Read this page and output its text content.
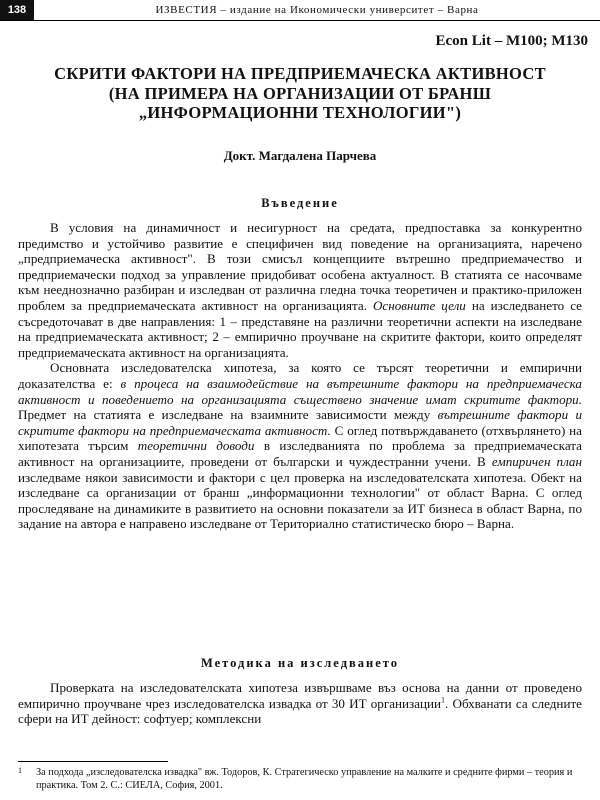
138	ИЗВЕСТИЯ – издание на Икономически университет – Варна
Econ Lit – M100; M130
СКРИТИ ФАКТОРИ НА ПРЕДПРИЕМАЧЕСКА АКТИВНОСТ
(НА ПРИМЕРА НА ОРГАНИЗАЦИИ ОТ БРАНШ
„ИНФОРМАЦИОННИ ТЕХНОЛОГИИ")
Докт. Магдалена Парчева
Въведение

В условия на динамичност и несигурност на средата, предпоставка за конкурентно предимство и устойчиво развитие е специфичен вид поведение на организацията, наречено „предприемаческа активност". В този смисъл концепциите вътрешно предприемачество и предприемачески подход за управление придобиват особена актуалност. В статията се насочваме към нееднозначно разбиран и изследван от различна гледна точка теоретичен и практико-приложен проблем за предприемаческата активност на организацията. Основните цели на изследването се съсредоточават в две направления: 1 – представяне на различни теоретични аспекти на изследване на предприемаческата активност; 2 – емпирично проучване на скритите фактори, които определят предприемаческата активност на организацията.

Основната изследователска хипотеза, за която се търсят теоретични и емпирични доказателства е: в процеса на взаимодействие на вътрешните фактори на предприемаческа активност и поведението на организацията съществено значение имат скритите фактори. Предмет на статията е изследване на взаимните зависимости между вътрешните фактори и скритите фактори на предприемаческата активност. С оглед потвърждаването (отхвърлянето) на хипотезата търсим теоретични доводи в изследванията по проблема за предприемаческата активност на организациите, проведени от български и чуждестранни учени. В емпиричен план изследваме някои зависимости и фактори с цел проверка на изследователската хипотеза. Обект на изследване са организации от бранш „информационни технологии" от област Варна. С оглед проследяване на динамиките в развитието на основни показатели за ИТ бизнеса в област Варна, по задание на автора е направено изследване от Териториално статистическо бюро – Варна.

Методика на изследването

Проверката на изследователската хипотеза извършваме въз основа на данни от проведено емпирично проучване чрез изследователска извадка от 30 ИТ организации$^1$. Обхванати са следните сфери на ИТ дейност: софтуер; комплексни

1	За подхода „изследователска извадка" вж. Тодоров, К. Стратегическо управление на малките и средните фирми – теория и практика. Том 2. С.: СИЕЛА, София, 2001.
